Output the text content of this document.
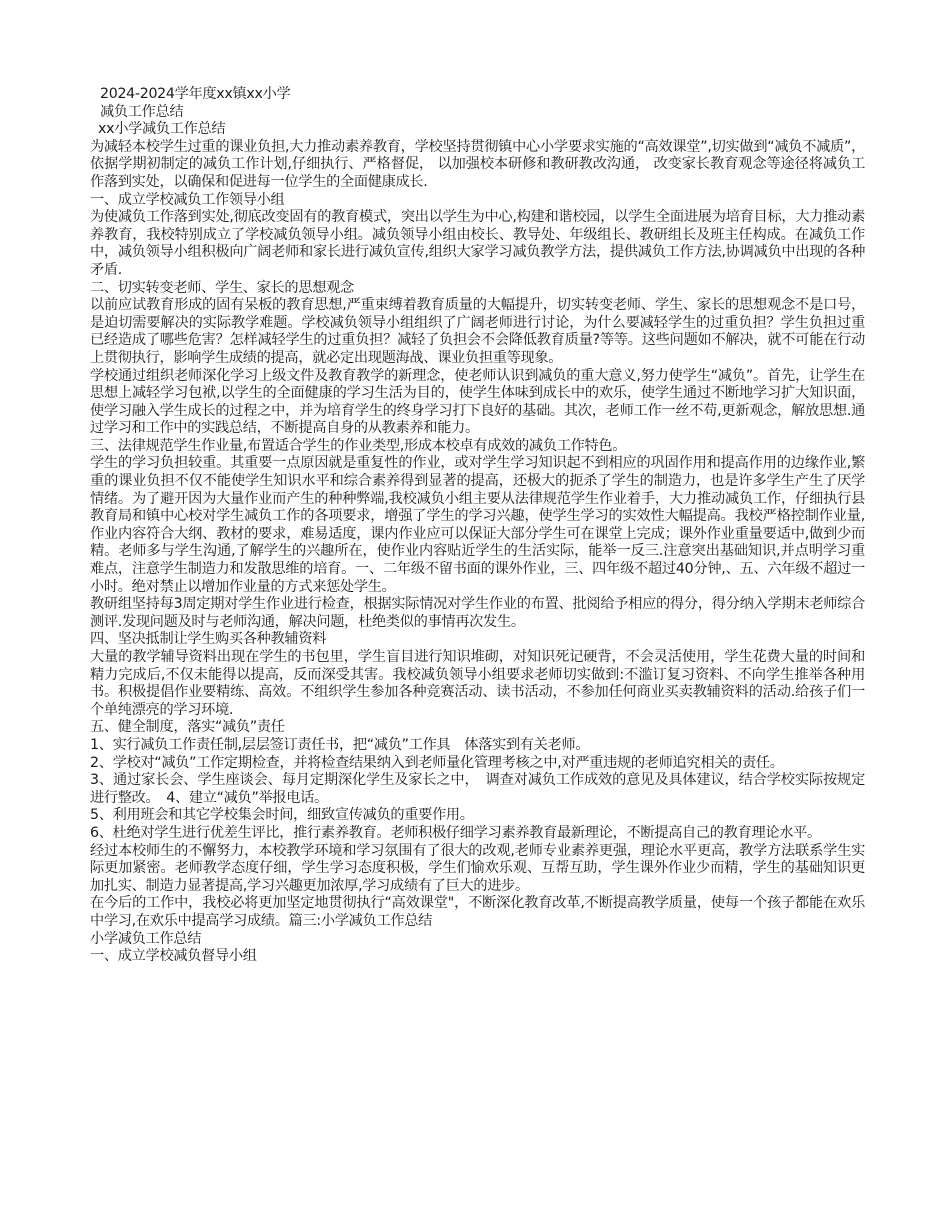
2024-2024学年度xx镇xx小学
减负工作总结
xx小学减负工作总结
为减轻本校学生过重的课业负担,大力推动素养教育，学校坚持贯彻镇中心小学要求实施的“高效课堂”,切实做到“减负不减质”，依据学期初制定的减负工作计划,仔细执行、严格督促， 以加强校本研修和教研教改沟通， 改变家长教育观念等途径将减负工作落到实处，以确保和促进每一位学生的全面健康成长.
一、成立学校减负工作领导小组
为使减负工作落到实处,彻底改变固有的教育模式，突出以学生为中心,构建和谐校园，以学生全面进展为培育目标，大力推动素养教育，我校特别成立了学校减负领导小组。减负领导小组由校长、教导处、年级组长、教研组长及班主任构成。在减负工作中，减负领导小组积极向广阔老师和家长进行减负宣传,组织大家学习减负教学方法，提供减负工作方法,协调减负中出现的各种矛盾.
二、切实转变老师、学生、家长的思想观念
以前应试教育形成的固有呆板的教育思想,严重束缚着教育质量的大幅提升，切实转变老师、学生、家长的思想观念不是口号，是迫切需要解决的实际教学难题。学校减负领导小组组织了广阔老师进行讨论，为什么要减轻学生的过重负担？学生负担过重已经造成了哪些危害？怎样减轻学生的过重负担？减轻了负担会不会降低教育质量?等等。这些问题如不解决，就不可能在行动上贯彻执行，影响学生成绩的提高，就必定出现题海战、课业负担重等现象。
学校通过组织老师深化学习上级文件及教育教学的新理念，使老师认识到减负的重大意义,努力使学生“减负”。首先，让学生在思想上减轻学习包袱,以学生的全面健康的学习生活为目的，使学生体味到成长中的欢乐，使学生通过不断地学习扩大知识面，使学习融入学生成长的过程之中，并为培育学生的终身学习打下良好的基础。其次，老师工作一丝不苟,更新观念，解放思想.通过学习和工作中的实践总结，不断提高自身的从教素养和能力。
三、法律规范学生作业量,布置适合学生的作业类型,形成本校卓有成效的减负工作特色。
学生的学习负担较重。其重要一点原因就是重复性的作业，或对学生学习知识起不到相应的巩固作用和提高作用的边缘作业,繁重的课业负担不仅不能使学生知识水平和综合素养得到显著的提高，还极大的扼杀了学生的制造力，也是许多学生产生了厌学情绪。为了避开因为大量作业而产生的种种弊端,我校减负小组主要从法律规范学生作业着手，大力推动减负工作，仔细执行县教育局和镇中心校对学生减负工作的各项要求，增强了学生的学习兴趣，使学生学习的实效性大幅提高。我校严格控制作业量,作业内容符合大纲、教材的要求，难易适度，课内作业应可以保证大部分学生可在课堂上完成；课外作业重量要适中,做到少而精。老师多与学生沟通,了解学生的兴趣所在，使作业内容贴近学生的生活实际，能举一反三.注意突出基础知识,并点明学习重难点，注意学生制造力和发散思维的培育。一、二年级不留书面的课外作业，三、四年级不超过40分钟,、五、六年级不超过一小时。绝对禁止以增加作业量的方式来惩处学生。
教研组坚持每3周定期对学生作业进行检查，根据实际情况对学生作业的布置、批阅给予相应的得分，得分纳入学期末老师综合测评.发现问题及时与老师沟通，解决问题，杜绝类似的事情再次发生。
四、坚决抵制让学生购买各种教辅资料
大量的教学辅导资料出现在学生的书包里，学生盲目进行知识堆砌，对知识死记硬背，不会灵活使用，学生花费大量的时间和精力完成后,不仅未能得以提高，反而深受其害。我校减负领导小组要求老师切实做到:不滥订复习资料、不向学生推举各种用书。积极提倡作业要精练、高效。不组织学生参加各种竞赛活动、读书活动，不参加任何商业买卖教辅资料的活动.给孩子们一个单纯漂亮的学习环境.
五、健全制度，落实“减负”责任
1、实行减负工作责任制,层层签订责任书，把“减负”工作具　体落实到有关老师。
2、学校对“减负”工作定期检查，并将检查结果纳入到老师量化管理考核之中,对严重违规的老师追究相关的责任。
3、通过家长会、学生座谈会、每月定期深化学生及家长之中，　调查对减负工作成效的意见及具体建议，结合学校实际按规定　进行整改。　4、建立“减负”举报电话。
5、利用班会和其它学校集会时间，细致宣传减负的重要作用。
6、杜绝对学生进行优差生评比，推行素养教育。老师积极仔细学习素养教育最新理论，不断提高自己的教育理论水平。
经过本校师生的不懈努力，本校教学环境和学习氛围有了很大的改观,老师专业素养更强，理论水平更高，教学方法联系学生实际更加紧密。老师教学态度仔细，学生学习态度积极，学生们愉欢乐观、互帮互助，学生课外作业少而精，学生的基础知识更加扎实、制造力显著提高,学习兴趣更加浓厚,学习成绩有了巨大的进步。
在今后的工作中，我校必将更加坚定地贯彻执行“高效课堂"，不断深化教育改革,不断提高教学质量，使每一个孩子都能在欢乐中学习,在欢乐中提高学习成绩。篇三:小学减负工作总结
小学减负工作总结
一、成立学校减负督导小组
